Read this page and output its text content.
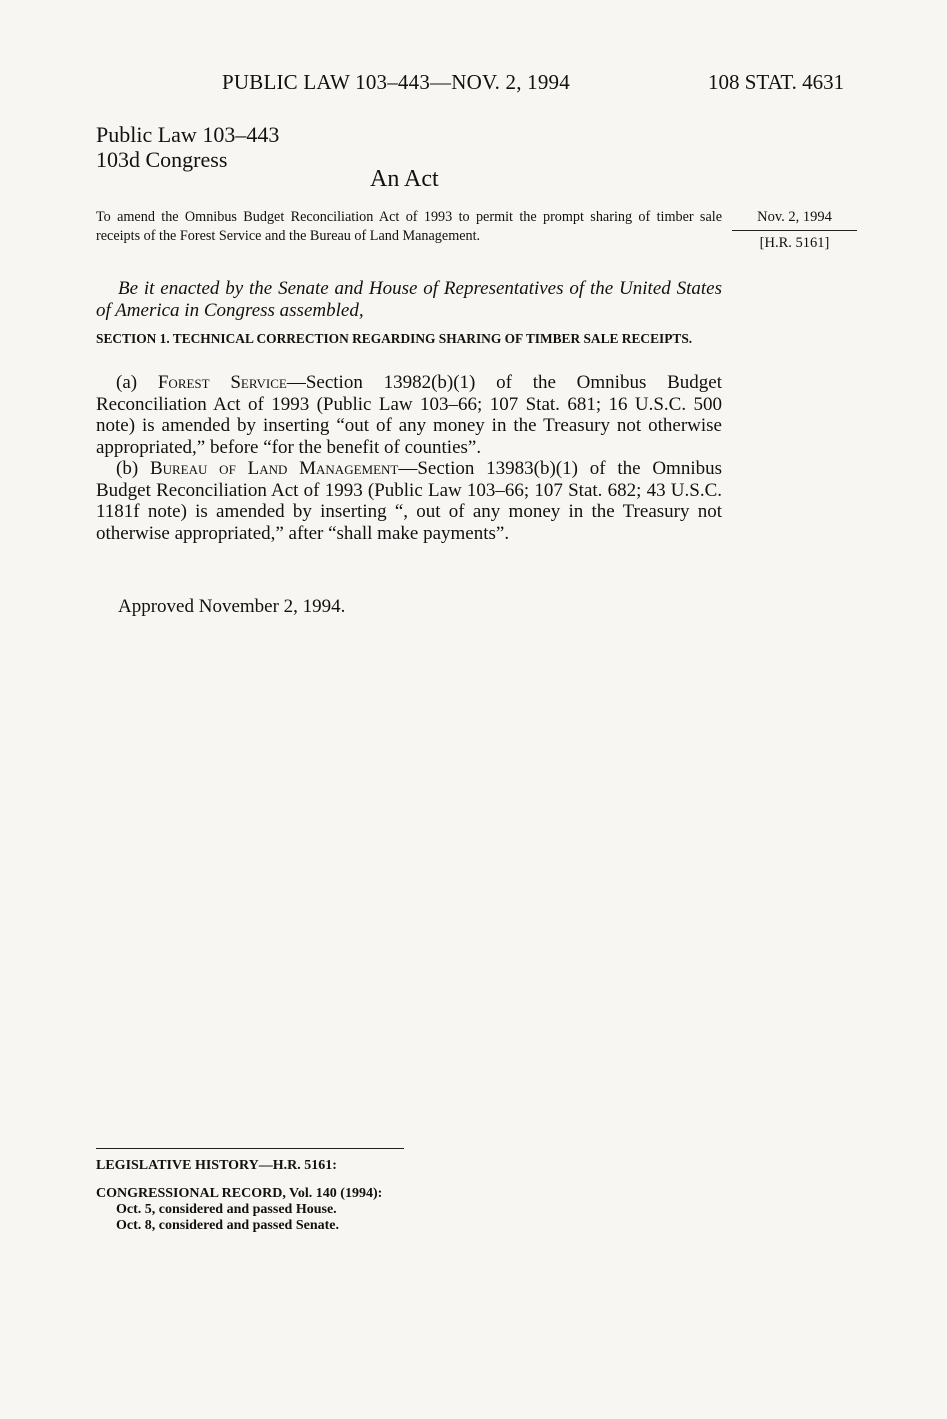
PUBLIC LAW 103–443—NOV. 2, 1994	108 STAT. 4631
Public Law 103–443
103d Congress
An Act
To amend the Omnibus Budget Reconciliation Act of 1993 to permit the prompt sharing of timber sale receipts of the Forest Service and the Bureau of Land Management.
Nov. 2, 1994
[H.R. 5161]
Be it enacted by the Senate and House of Representatives of the United States of America in Congress assembled,
SECTION 1. TECHNICAL CORRECTION REGARDING SHARING OF TIMBER SALE RECEIPTS.

(a) Forest Service—Section 13982(b)(1) of the Omnibus Budget Reconciliation Act of 1993 (Public Law 103–66; 107 Stat. 681; 16 U.S.C. 500 note) is amended by inserting “out of any money in the Treasury not otherwise appropriated,” before “for the benefit of counties”.

(b) Bureau of Land Management—Section 13983(b)(1) of the Omnibus Budget Reconciliation Act of 1993 (Public Law 103–66; 107 Stat. 682; 43 U.S.C. 1181f note) is amended by inserting “, out of any money in the Treasury not otherwise appropriated,” after “shall make payments”.

Approved November 2, 1994.
LEGISLATIVE HISTORY—H.R. 5161:
CONGRESSIONAL RECORD, Vol. 140 (1994):
Oct. 5, considered and passed House.
Oct. 8, considered and passed Senate.
